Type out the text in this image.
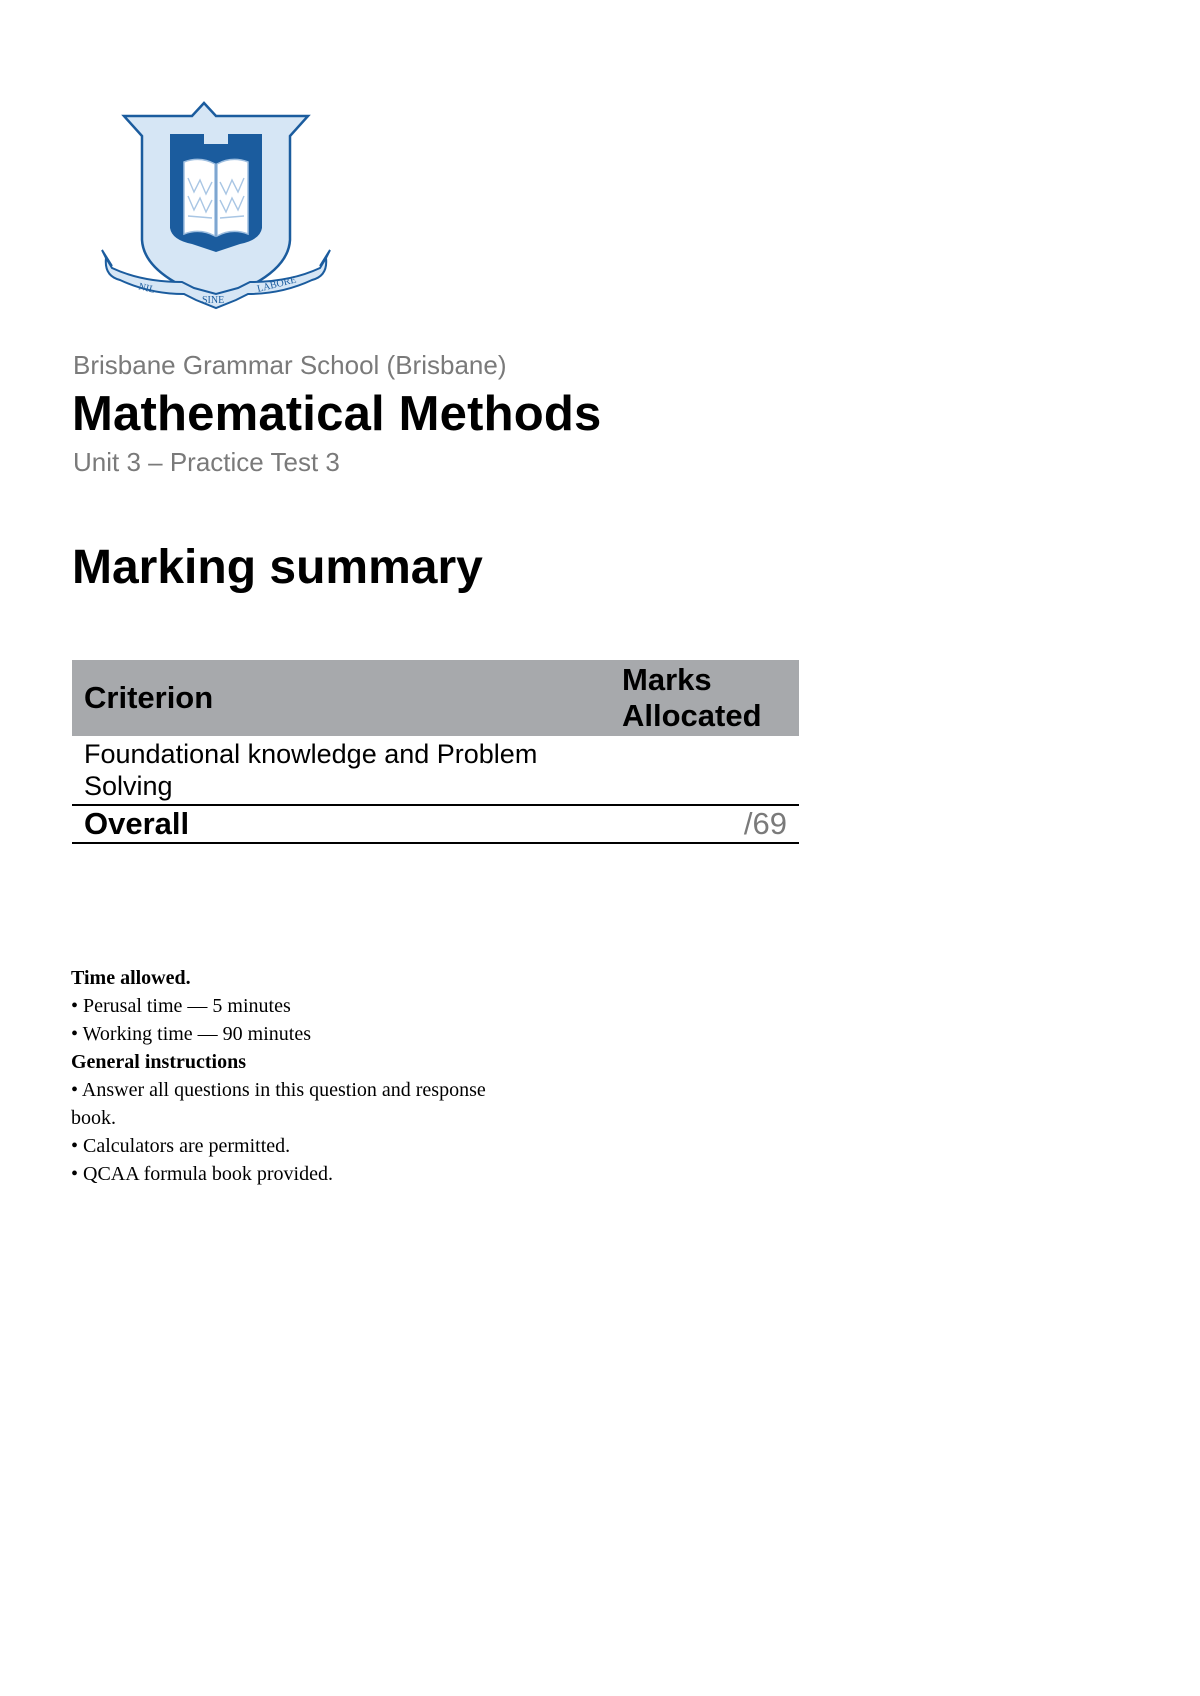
NIL
SINE
LABORE
Brisbane Grammar School (Brisbane)
Mathematical Methods
Unit 3 – Practice Test 3
Marking summary
Criterion	Marks Allocated
Foundational knowledge and Problem Solving	
Overall	/69
Time allowed.
• Perusal time — 5 minutes
• Working time — 90 minutes
General instructions
• Answer all questions in this question and response book.
• Calculators are permitted.
• QCAA formula book provided.
